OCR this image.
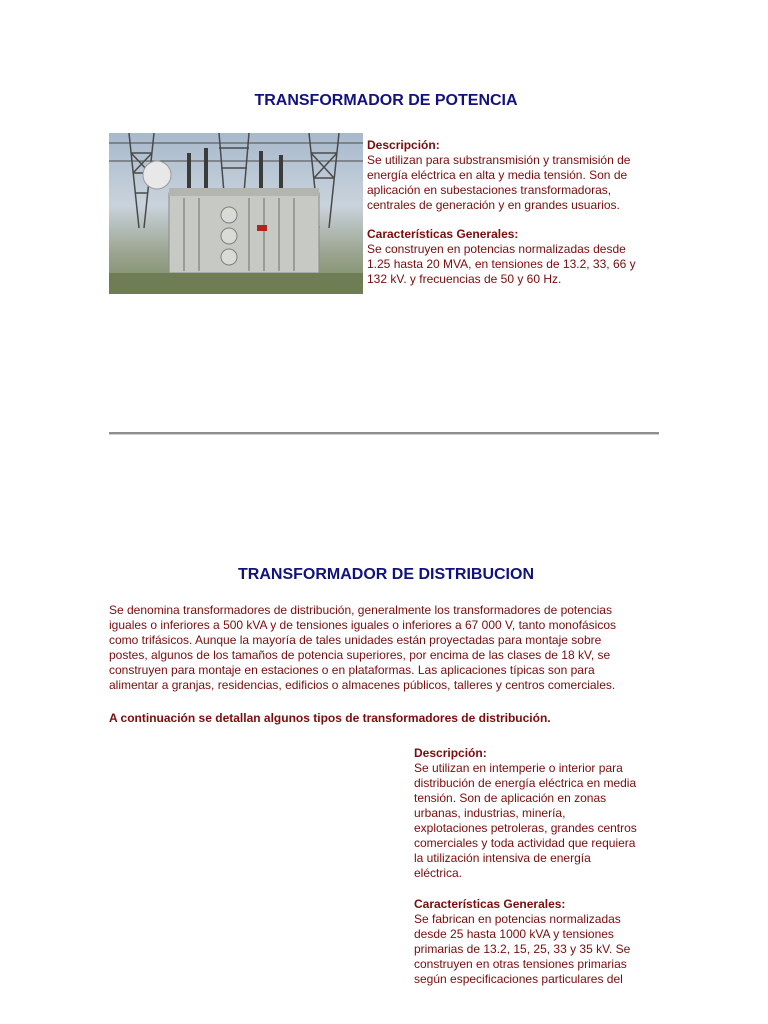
TRANSFORMADOR DE POTENCIA
Descripción:
Se utilizan para substransmisión y transmisión de
energía eléctrica en alta y media tensión. Son de
aplicación en subestaciones transformadoras,
centrales de generación y en grandes usuarios.
Características Generales:
Se construyen en potencias normalizadas desde
1.25 hasta 20 MVA, en tensiones de 13.2, 33, 66 y
132 kV. y frecuencias de 50 y 60 Hz.
TRANSFORMADOR DE DISTRIBUCION
Se denomina transformadores de distribución, generalmente los transformadores de potencias
iguales o inferiores a 500 kVA y de tensiones iguales o inferiores a 67 000 V, tanto monofásicos
como trifásicos. Aunque la mayoría de tales unidades están proyectadas para montaje sobre
postes, algunos de los tamaños de potencia superiores, por encima de las clases de 18 kV, se
construyen para montaje en estaciones o en plataformas. Las aplicaciones típicas son para
alimentar a granjas, residencias, edificios o almacenes públicos, talleres y centros comerciales.
A continuación se detallan algunos tipos de transformadores de distribución.
Descripción:
Se utilizan en intemperie o interior para
distribución de energía eléctrica en media
tensión. Son de aplicación en zonas
urbanas, industrias, minería,
explotaciones petroleras, grandes centros
comerciales y toda actividad que requiera
la utilización intensiva de energía
eléctrica.
Características Generales:
Se fabrican en potencias normalizadas
desde 25 hasta 1000 kVA y tensiones
primarias de 13.2, 15, 25, 33 y 35 kV. Se
construyen en otras tensiones primarias
según especificaciones particulares del
